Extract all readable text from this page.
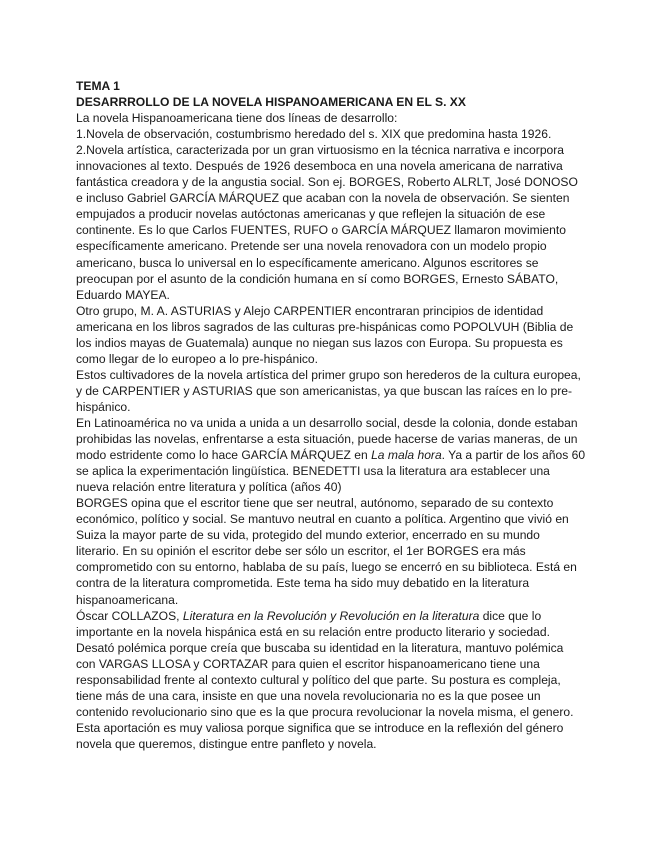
TEMA 1

DESARRROLLO DE LA NOVELA HISPANOAMERICANA EN EL S. XX

La novela Hispanoamericana tiene dos líneas de desarrollo:

1.Novela de observación, costumbrismo heredado del s. XIX que predomina hasta 1926.

2.Novela artística, caracterizada por un gran virtuosismo en la técnica narrativa e incorpora innovaciones al texto. Después de 1926 desemboca en una novela americana de narrativa fantástica creadora y de la angustia social. Son ej. BORGES, Roberto ALRLT, José DONOSO e incluso Gabriel GARCÍA MÁRQUEZ que acaban con la novela de observación. Se sienten empujados a producir novelas autóctonas americanas y que reflejen la situación de ese continente. Es lo que Carlos FUENTES, RUFO o GARCÍA MÁRQUEZ llamaron movimiento específicamente americano. Pretende ser una novela renovadora con un modelo propio americano, busca lo universal en lo específicamente americano. Algunos escritores se preocupan por el asunto de la condición humana en sí como BORGES, Ernesto SÁBATO, Eduardo MAYEA.

Otro grupo, M. A. ASTURIAS y Alejo CARPENTIER encontraran principios de identidad americana en los libros sagrados de las culturas pre-hispánicas como POPOLVUH (Biblia de los indios mayas de Guatemala) aunque no niegan sus lazos con Europa. Su propuesta es como llegar de lo europeo a lo pre-hispánico.

Estos cultivadores de la novela artística del primer grupo son herederos de la cultura europea, y de CARPENTIER y ASTURIAS que son americanistas, ya que buscan las raíces en lo pre-hispánico.

En Latinoamérica no va unida a unida a un desarrollo social, desde la colonia, donde estaban prohibidas las novelas, enfrentarse a esta situación, puede hacerse de varias maneras, de un modo estridente como lo hace GARCÍA MÁRQUEZ en La mala hora. Ya a partir de los años 60 se aplica la experimentación lingüística. BENEDETTI usa la literatura ara establecer una nueva relación entre literatura y política (años 40)

BORGES opina que el escritor tiene que ser neutral, autónomo, separado de su contexto económico, político y social. Se mantuvo neutral en cuanto a política. Argentino que vivió en Suiza la mayor parte de su vida, protegido del mundo exterior, encerrado en su mundo literario. En su opinión el escritor debe ser sólo un escritor, el 1er BORGES era más comprometido con su entorno, hablaba de su país, luego se encerró en su biblioteca. Está en contra de la literatura comprometida. Este tema ha sido muy debatido en la literatura hispanoamericana.

Óscar COLLAZOS, Literatura en la Revolución y Revolución en la literatura dice que lo importante en la novela hispánica está en su relación entre producto literario y sociedad. Desató polémica porque creía que buscaba su identidad en la literatura, mantuvo polémica con VARGAS LLOSA y CORTAZAR para quien el escritor hispanoamericano tiene una responsabilidad frente al contexto cultural y político del que parte. Su postura es compleja, tiene más de una cara, insiste en que una novela revolucionaria no es la que posee un contenido revolucionario sino que es la que procura revolucionar la novela misma, el genero. Esta aportación es muy valiosa porque significa que se introduce en la reflexión del género novela que queremos, distingue entre panfleto y novela.
